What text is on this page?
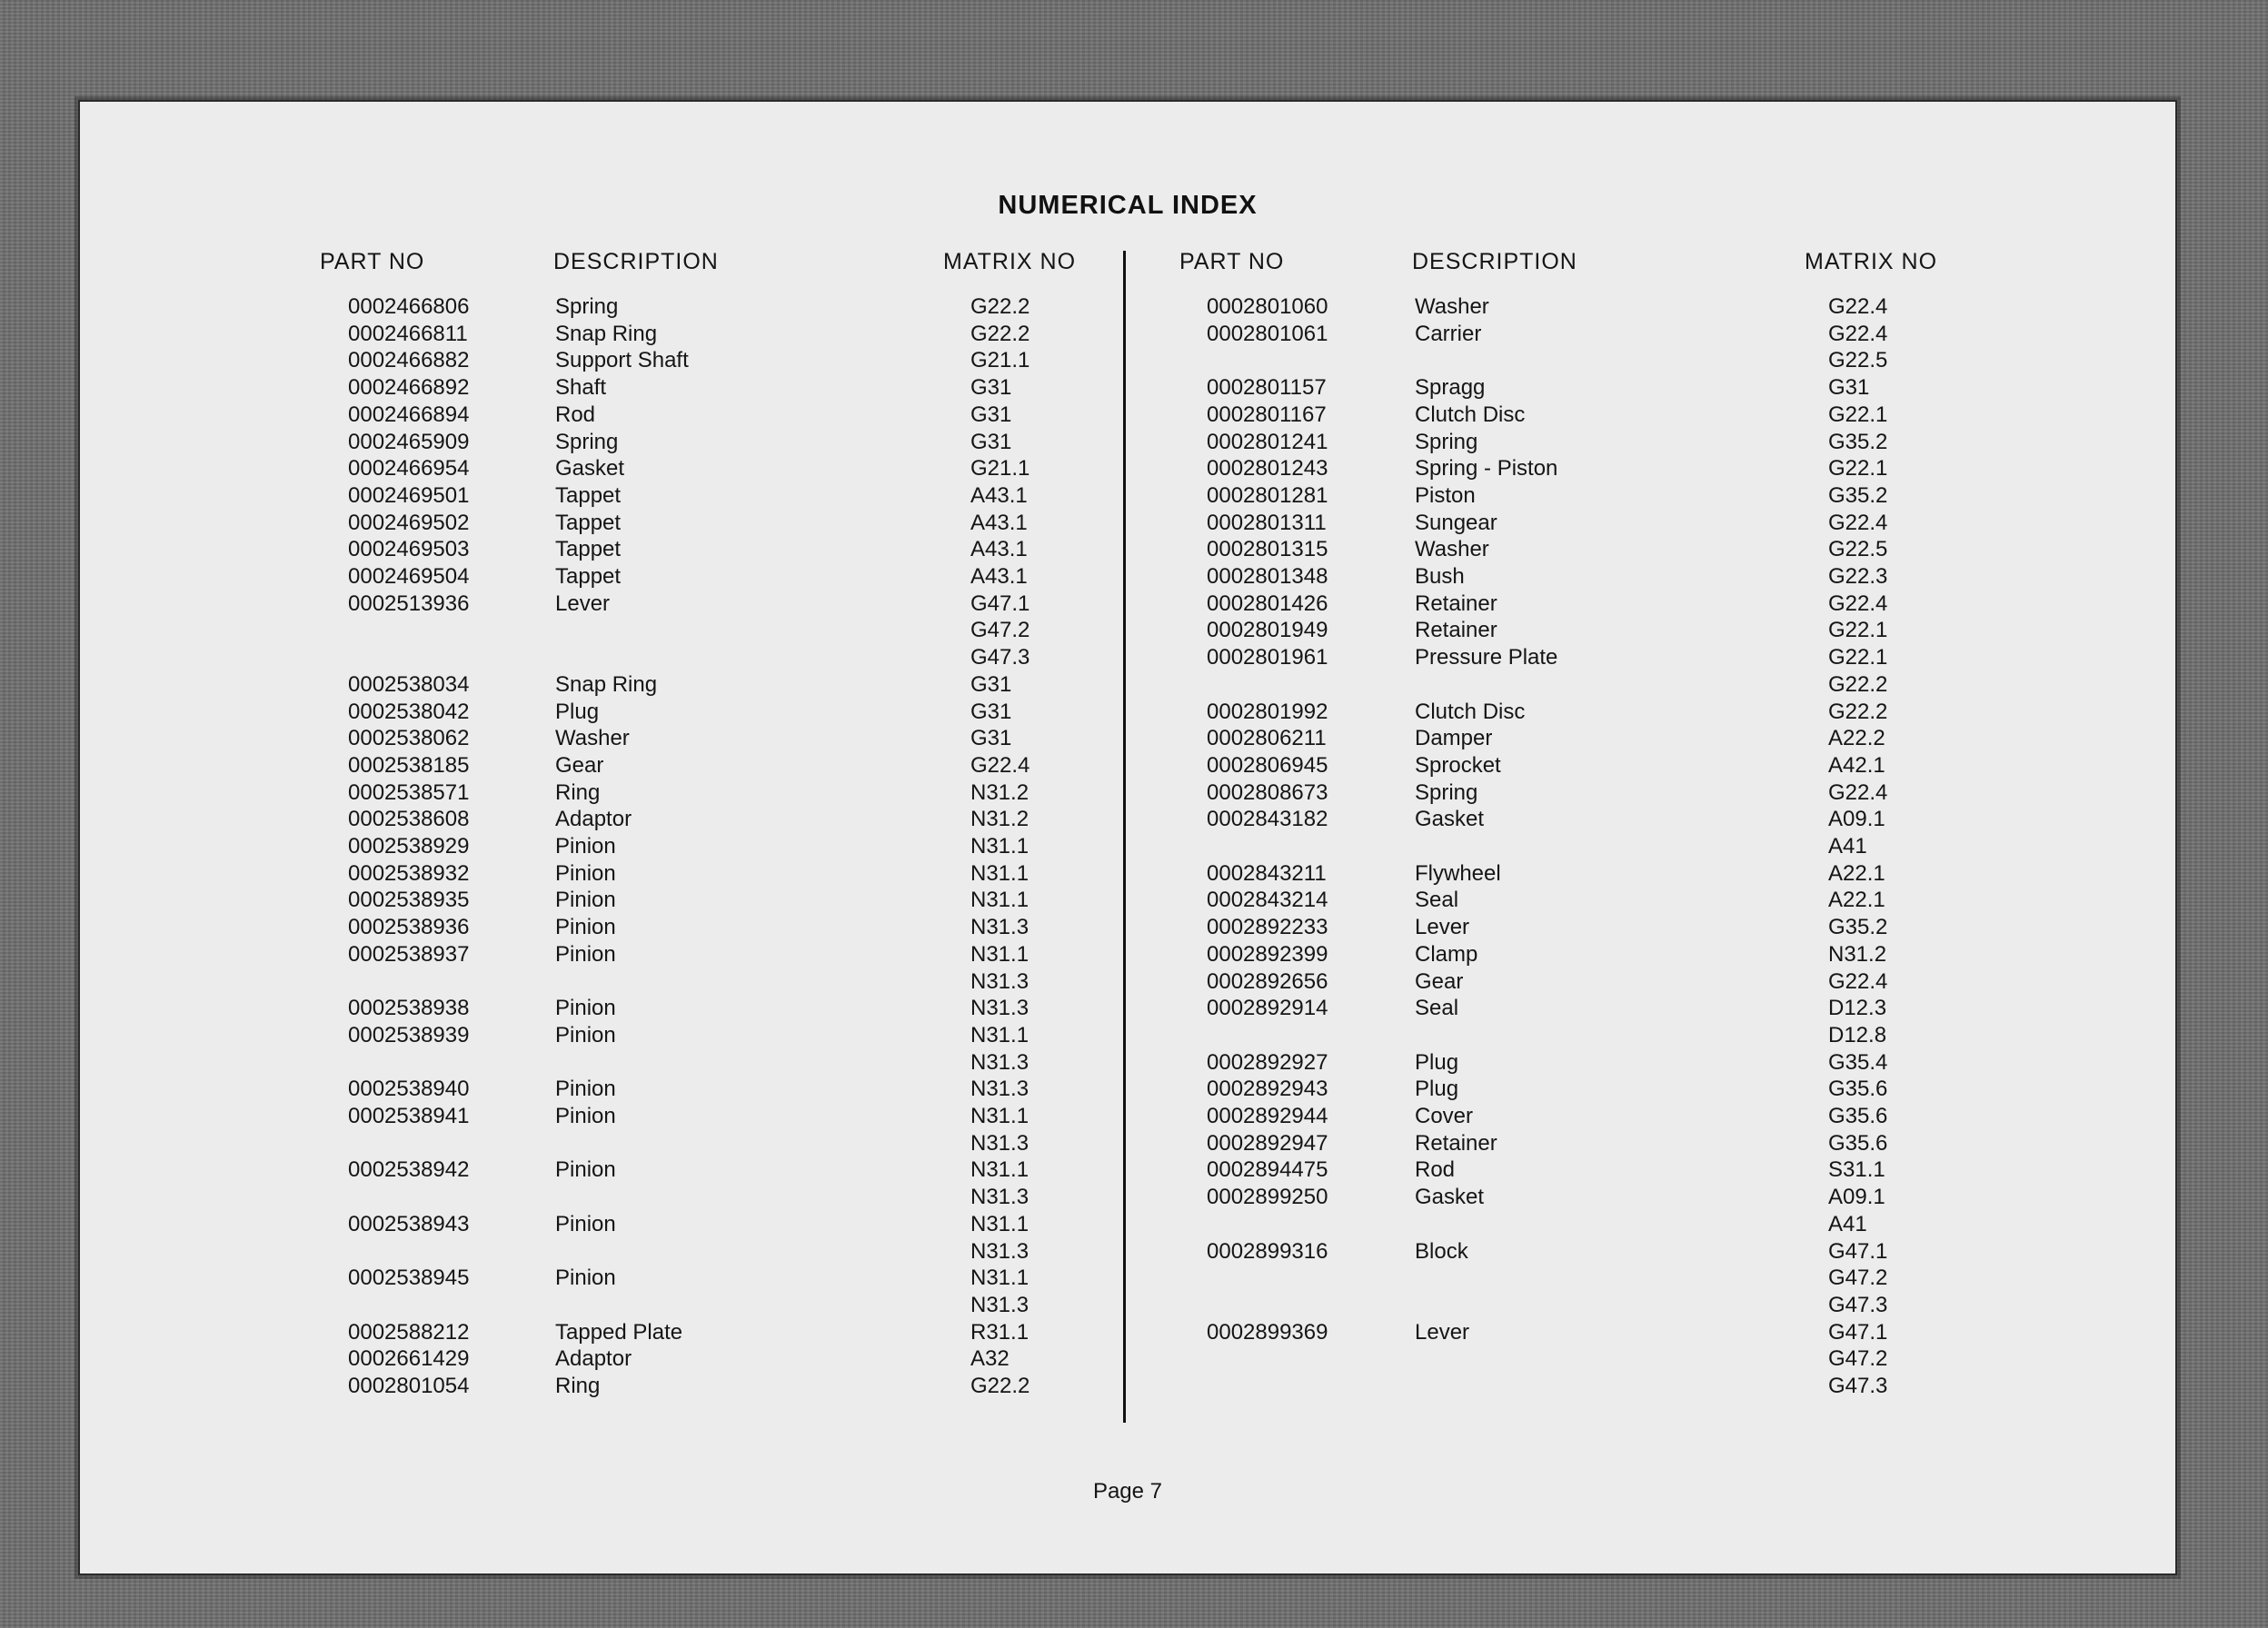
NUMERICAL INDEX
PART NO	DESCRIPTION	MATRIX NO	PART NO	DESCRIPTION	MATRIX NO
0002466806	Spring	G22.2
0002466811	Snap Ring	G22.2
0002466882	Support Shaft	G21.1
0002466892	Shaft	G31
0002466894	Rod	G31
0002465909	Spring	G31
0002466954	Gasket	G21.1
0002469501	Tappet	A43.1
0002469502	Tappet	A43.1
0002469503	Tappet	A43.1
0002469504	Tappet	A43.1
0002513936	Lever	G47.1
G47.2
G47.3
0002538034	Snap Ring	G31
0002538042	Plug	G31
0002538062	Washer	G31
0002538185	Gear	G22.4
0002538571	Ring	N31.2
0002538608	Adaptor	N31.2
0002538929	Pinion	N31.1
0002538932	Pinion	N31.1
0002538935	Pinion	N31.1
0002538936	Pinion	N31.3
0002538937	Pinion	N31.1
N31.3
0002538938	Pinion	N31.3
0002538939	Pinion	N31.1
N31.3
0002538940	Pinion	N31.3
0002538941	Pinion	N31.1
N31.3
0002538942	Pinion	N31.1
N31.3
0002538943	Pinion	N31.1
N31.3
0002538945	Pinion	N31.1
N31.3
0002588212	Tapped Plate	R31.1
0002661429	Adaptor	A32
0002801054	Ring	G22.2
0002801060	Washer	G22.4
0002801061	Carrier	G22.4
G22.5
0002801157	Spragg	G31
0002801167	Clutch Disc	G22.1
0002801241	Spring	G35.2
0002801243	Spring - Piston	G22.1
0002801281	Piston	G35.2
0002801311	Sungear	G22.4
0002801315	Washer	G22.5
0002801348	Bush	G22.3
0002801426	Retainer	G22.4
0002801949	Retainer	G22.1
0002801961	Pressure Plate	G22.1
G22.2
0002801992	Clutch Disc	G22.2
0002806211	Damper	A22.2
0002806945	Sprocket	A42.1
0002808673	Spring	G22.4
0002843182	Gasket	A09.1
A41
0002843211	Flywheel	A22.1
0002843214	Seal	A22.1
0002892233	Lever	G35.2
0002892399	Clamp	N31.2
0002892656	Gear	G22.4
0002892914	Seal	D12.3
D12.8
0002892927	Plug	G35.4
0002892943	Plug	G35.6
0002892944	Cover	G35.6
0002892947	Retainer	G35.6
0002894475	Rod	S31.1
0002899250	Gasket	A09.1
A41
0002899316	Block	G47.1
G47.2
G47.3
0002899369	Lever	G47.1
G47.2
G47.3
Page 7
